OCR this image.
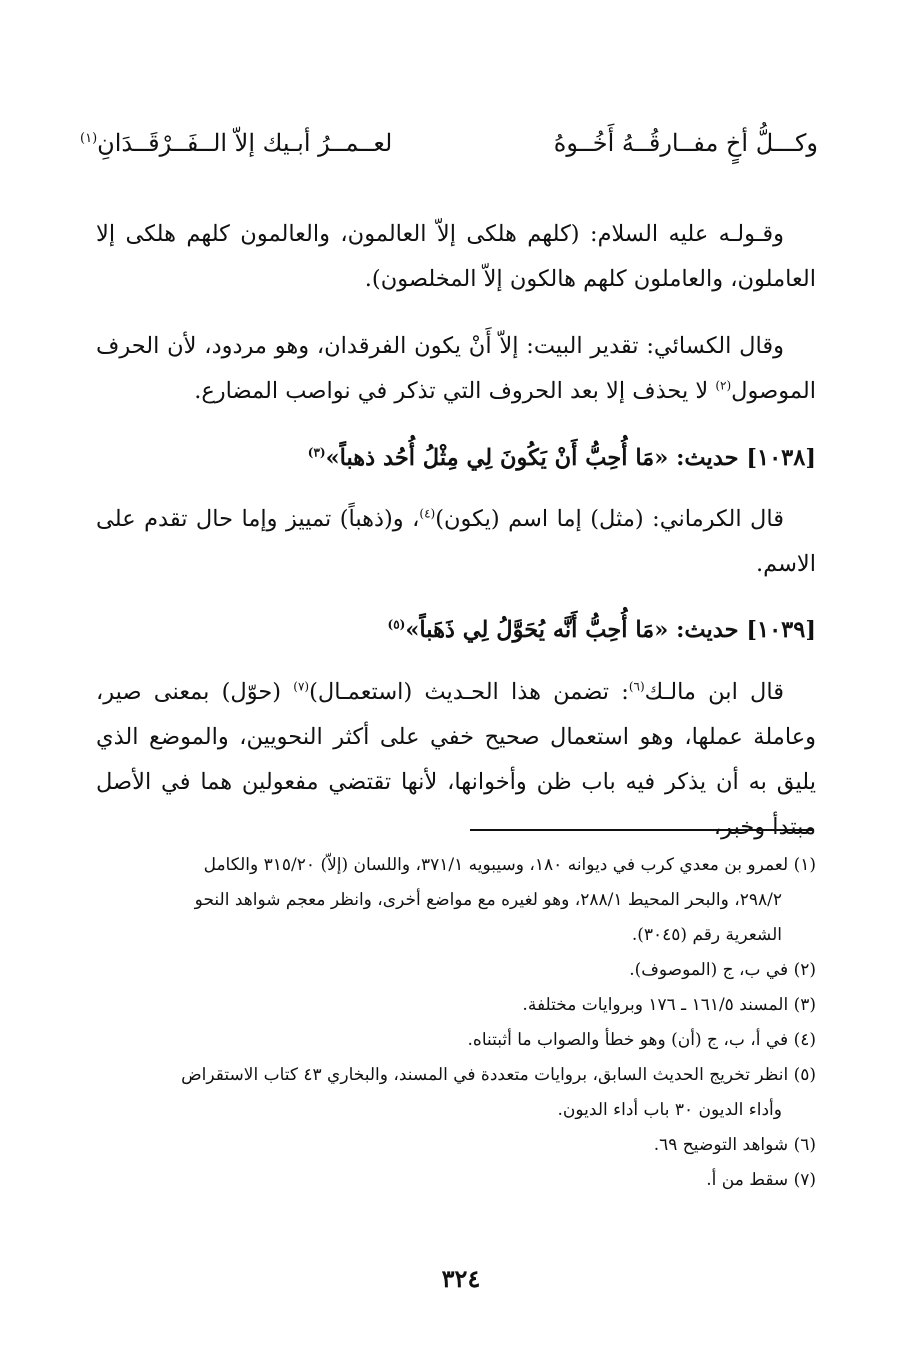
وكـــلُّ أخٍ مفــارقُــهُ أَخُــوهُ
لعــمــرُ أبـيك إلاّ الــفَــرْقَــدَانِ$^{(١)}$

وقـولـه عليه السلام: (كلهم هلكى إلاّ العالمون، والعالمون كلهم هلكى إلا العاملون، والعاملون كلهم هالكون إلاّ المخلصون).

وقال الكسائي: تقدير البيت: إلاّ أَنْ يكون الفرقدان، وهو مردود، لأن الحرف الموصول$^{(٢)}$ لا يحذف إلا بعد الحروف التي تذكر في نواصب المضارع.

[١٠٣٨] حديث: «مَا أُحِبُّ أَنْ يَكُونَ لِي مِثْلُ أُحُد ذهباً»$^{(٣)}$

قال الكرماني: (مثل) إما اسم (يكون)$^{(٤)}$، و(ذهباً) تمييز وإما حال تقدم على الاسم.

[١٠٣٩] حديث: «مَا أُحِبُّ أَنَّه يُحَوَّلُ لِي ذَهَباً»$^{(٥)}$

قال ابن مالـك$^{(٦)}$: تضمن هذا الحـديث (استعمـال)$^{(٧)}$ (حوّل) بمعنى صير، وعاملة عملها، وهو استعمال صحيح خفي على أكثر النحويين، والموضع الذي يليق به أن يذكر فيه باب ظن وأخوانها، لأنها تقتضي مفعولين هما في الأصل مبتدأ وخبر،

(١) لعمرو بن معدي كرب في ديوانه ١٨٠، وسيبويه ٣٧١/١، واللسان (إلاّ) ٣١٥/٢٠ والكامل
٢٩٨/٢، والبحر المحيط ٢٨٨/١، وهو لغيره مع مواضع أخرى، وانظر معجم شواهد النحو
الشعرية رقم (٣٠٤٥).

(٢) في ب، ج (الموصوف).

(٣) المسند ١٦١/٥ ـ ١٧٦ وبروايات مختلفة.

(٤) في أ، ب، ج (أن) وهو خطأ والصواب ما أثبتناه.

(٥) انظر تخريج الحديث السابق، بروايات متعددة في المسند، والبخاري ٤٣ كتاب الاستقراض
وأداء الديون ٣٠ باب أداء الديون.

(٦) شواهد التوضيح ٦٩.

(٧) سقط من أ.

٣٢٤
